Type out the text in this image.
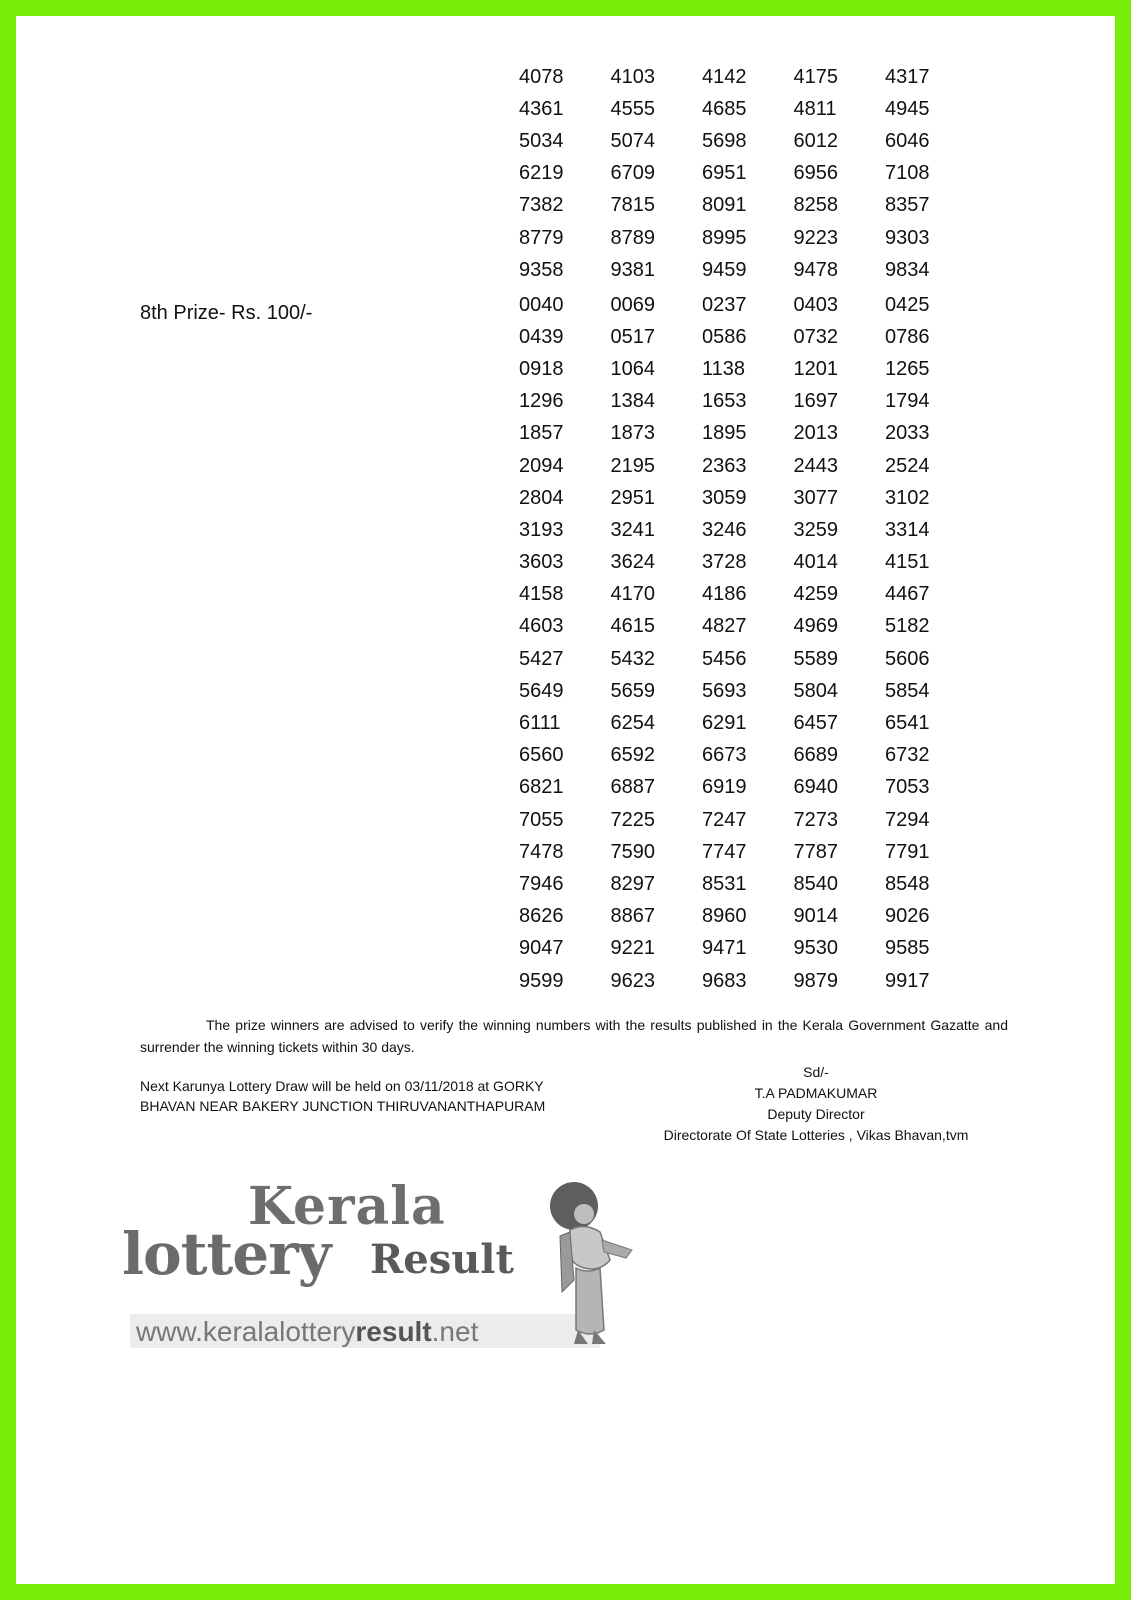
4078	4103	4142	4175	4317
4361	4555	4685	4811	4945
5034	5074	5698	6012	6046
6219	6709	6951	6956	7108
7382	7815	8091	8258	8357
8779	8789	8995	9223	9303
9358	9381	9459	9478	9834
8th Prize- Rs. 100/-	0040	0069	0237	0403	0425
0439	0517	0586	0732	0786
0918	1064	1138	1201	1265
1296	1384	1653	1697	1794
1857	1873	1895	2013	2033
2094	2195	2363	2443	2524
2804	2951	3059	3077	3102
3193	3241	3246	3259	3314
3603	3624	3728	4014	4151
4158	4170	4186	4259	4467
4603	4615	4827	4969	5182
5427	5432	5456	5589	5606
5649	5659	5693	5804	5854
6111	6254	6291	6457	6541
6560	6592	6673	6689	6732
6821	6887	6919	6940	7053
7055	7225	7247	7273	7294
7478	7590	7747	7787	7791
7946	8297	8531	8540	8548
8626	8867	8960	9014	9026
9047	9221	9471	9530	9585
9599	9623	9683	9879	9917
The prize winners are advised to verify the winning numbers with the results published in the Kerala Government Gazatte and surrender the winning tickets within 30 days.
Next Karunya Lottery Draw will be held on 03/11/2018 at GORKY
BHAVAN NEAR BAKERY JUNCTION THIRUVANANTHAPURAM
Sd/-
T.A PADMAKUMAR
Deputy Director
Directorate Of State Lotteries , Vikas Bhavan,tvm
Kerala
lottery Result
www.keralalotteryresult.net
